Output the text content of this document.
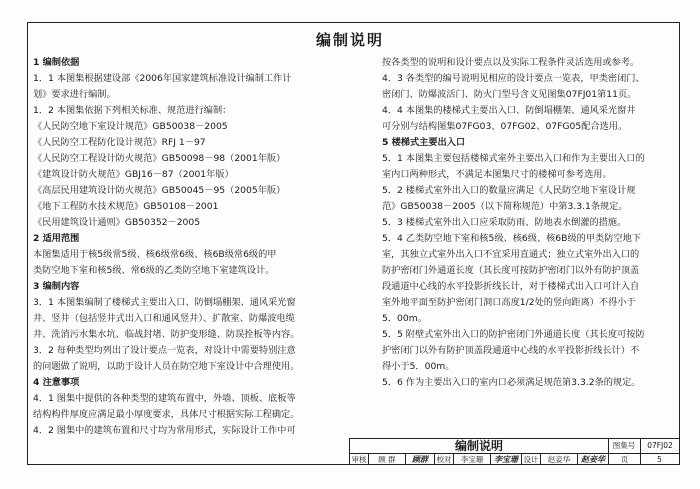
编制说明
1 编制依据
1．1 本图集根据建设部《2006年国家建筑标准设计编制工作计
划》要求进行编制。
1．2 本图集依据下列相关标准、规范进行编制：
《人民防空地下室设计规范》GB50038－2005
《人民防空工程防化设计规范》RFJ 1－97
《人民防空工程设计防火规范》GB50098－98（2001年版）
《建筑设计防火规范》GBJ16－87（2001年版）
《高层民用建筑设计防火规范》GB50045－95（2005年版）
《地下工程防水技术规范》GB50108－2001
《民用建筑设计通则》GB50352－2005
2 适用范围
本图集适用于核5级常5级、核6级常6级、核6B级常6级的甲
类防空地下室和核5级、常6级的乙类防空地下室建筑设计。
3 编制内容
3．1 本图集编制了楼梯式主要出入口、防倒塌棚架、通风采光窗
井、竖井（包括竖井式出入口和通风竖井）、扩散室、防爆波电缆
井、洗消污水集水坑、临战封堵、防护变形缝、防误拴板等内容。
3．2 每种类型均列出了设计要点一览表，对设计中需要特别注意
的问题做了说明，以助于设计人员在防空地下室设计中合理使用。
4 注意事项
4．1 图集中提供的各种类型的建筑布置中，外墙、顶板、底板等
结构构件厚度应满足最小厚度要求，具体尺寸根据实际工程确定。
4．2 图集中的建筑布置和尺寸均为常用形式，实际设计工作中可
按各类型的说明和设计要点以及实际工程条件灵活选用或参考。
4．3 各类型的编号说明见相应的设计要点一览表，甲类密闭门、
密闭门、防爆波活门、防火门型号含义见图集07FJ01第11页。
4．4 本图集的楼梯式主要出入口、防倒塌棚架、通风采光窗井
可分别与结构图集07FG03、07FG02、07FG05配合选用。
5 楼梯式主要出入口
5．1 本图集主要包括楼梯式室外主要出入口和作为主要出入口的
室内口两种形式，不满足本图集尺寸的楼梯可参考选用。
5．2 楼梯式室外出入口的数量应满足《人民防空地下室设计规
范》GB50038－2005（以下简称规范）中第3.3.1条规定。
5．3 楼梯式室外出入口应采取防雨、防地表水倒灌的措施。
5．4 乙类防空地下室和核5级、核6级、核6B级的甲类防空地下
室，其独立式室外出入口不宜采用直通式；独立式室外出入口的
防护密闭门外通道长度（其长度可按防护密闭门以外有防护顶盖
段通道中心线的水平投影折线长计，对于楼梯式出入口可计入自
室外地平面至防护密闭门洞口高度1/2处的竖向距离）不得小于
5．00m。
5．5 附壁式室外出入口的防护密闭门外通道长度（其长度可按防
护密闭门以外有防护顶盖段通道中心线的水平投影折线长计）不
得小于5．00m。
5．6 作为主要出入口的室内口必须满足规范第3.3.2条的规定。
编制说明	图集号	07FJ02
审核	顾 群	顾群	校对	李宝珊	李宝珊 设计	赵妾华	赵妾华	页	5
